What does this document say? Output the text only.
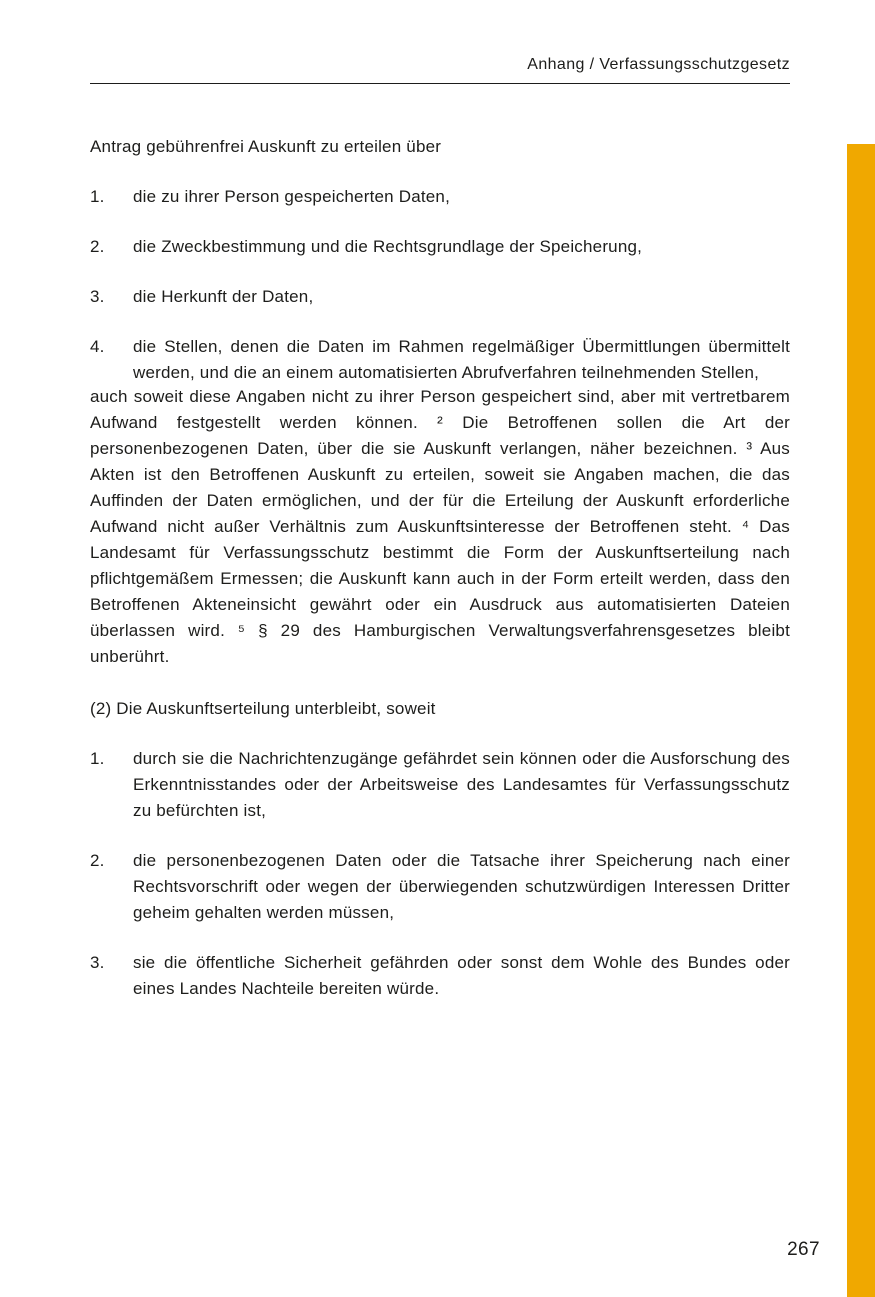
Anhang / Verfassungsschutzgesetz

Antrag gebührenfrei Auskunft zu erteilen über

1.	die zu ihrer Person gespeicherten Daten,
2.	die Zweckbestimmung und die Rechtsgrundlage der Speicherung,
3.	die Herkunft der Daten,
4.	die Stellen, denen die Daten im Rahmen regelmäßiger Übermittlungen übermittelt werden, und die an einem automatisierten Abrufverfahren teilnehmenden Stellen,

auch soweit diese Angaben nicht zu ihrer Person gespeichert sind, aber mit vertretbarem Aufwand festgestellt werden können. ² Die Betroffenen sollen die Art der personenbezogenen Daten, über die sie Auskunft verlangen, näher bezeichnen. ³ Aus Akten ist den Betroffenen Auskunft zu erteilen, soweit sie Angaben machen, die das Auffinden der Daten ermöglichen, und der für die Erteilung der Auskunft erforderliche Aufwand nicht außer Verhältnis zum Auskunftsinteresse der Betroffenen steht. ⁴ Das Landesamt für Verfassungsschutz bestimmt die Form der Auskunftserteilung nach pflichtgemäßem Ermessen; die Auskunft kann auch in der Form erteilt werden, dass den Betroffenen Akteneinsicht gewährt oder ein Ausdruck aus automatisierten Dateien überlassen wird. ⁵ § 29 des Hamburgischen Verwaltungsverfahrensgesetzes bleibt unberührt.

(2) Die Auskunftserteilung unterbleibt, soweit

1.	durch sie die Nachrichtenzugänge gefährdet sein können oder die Ausforschung des Erkenntnisstandes oder der Arbeitsweise des Landesamtes für Verfassungsschutz zu befürchten ist,
2.	die personenbezogenen Daten oder die Tatsache ihrer Speicherung nach einer Rechtsvorschrift oder wegen der überwiegenden schutzwürdigen Interessen Dritter geheim gehalten werden müssen,
3.	sie die öffentliche Sicherheit gefährden oder sonst dem Wohle des Bundes oder eines Landes Nachteile bereiten würde.
267
